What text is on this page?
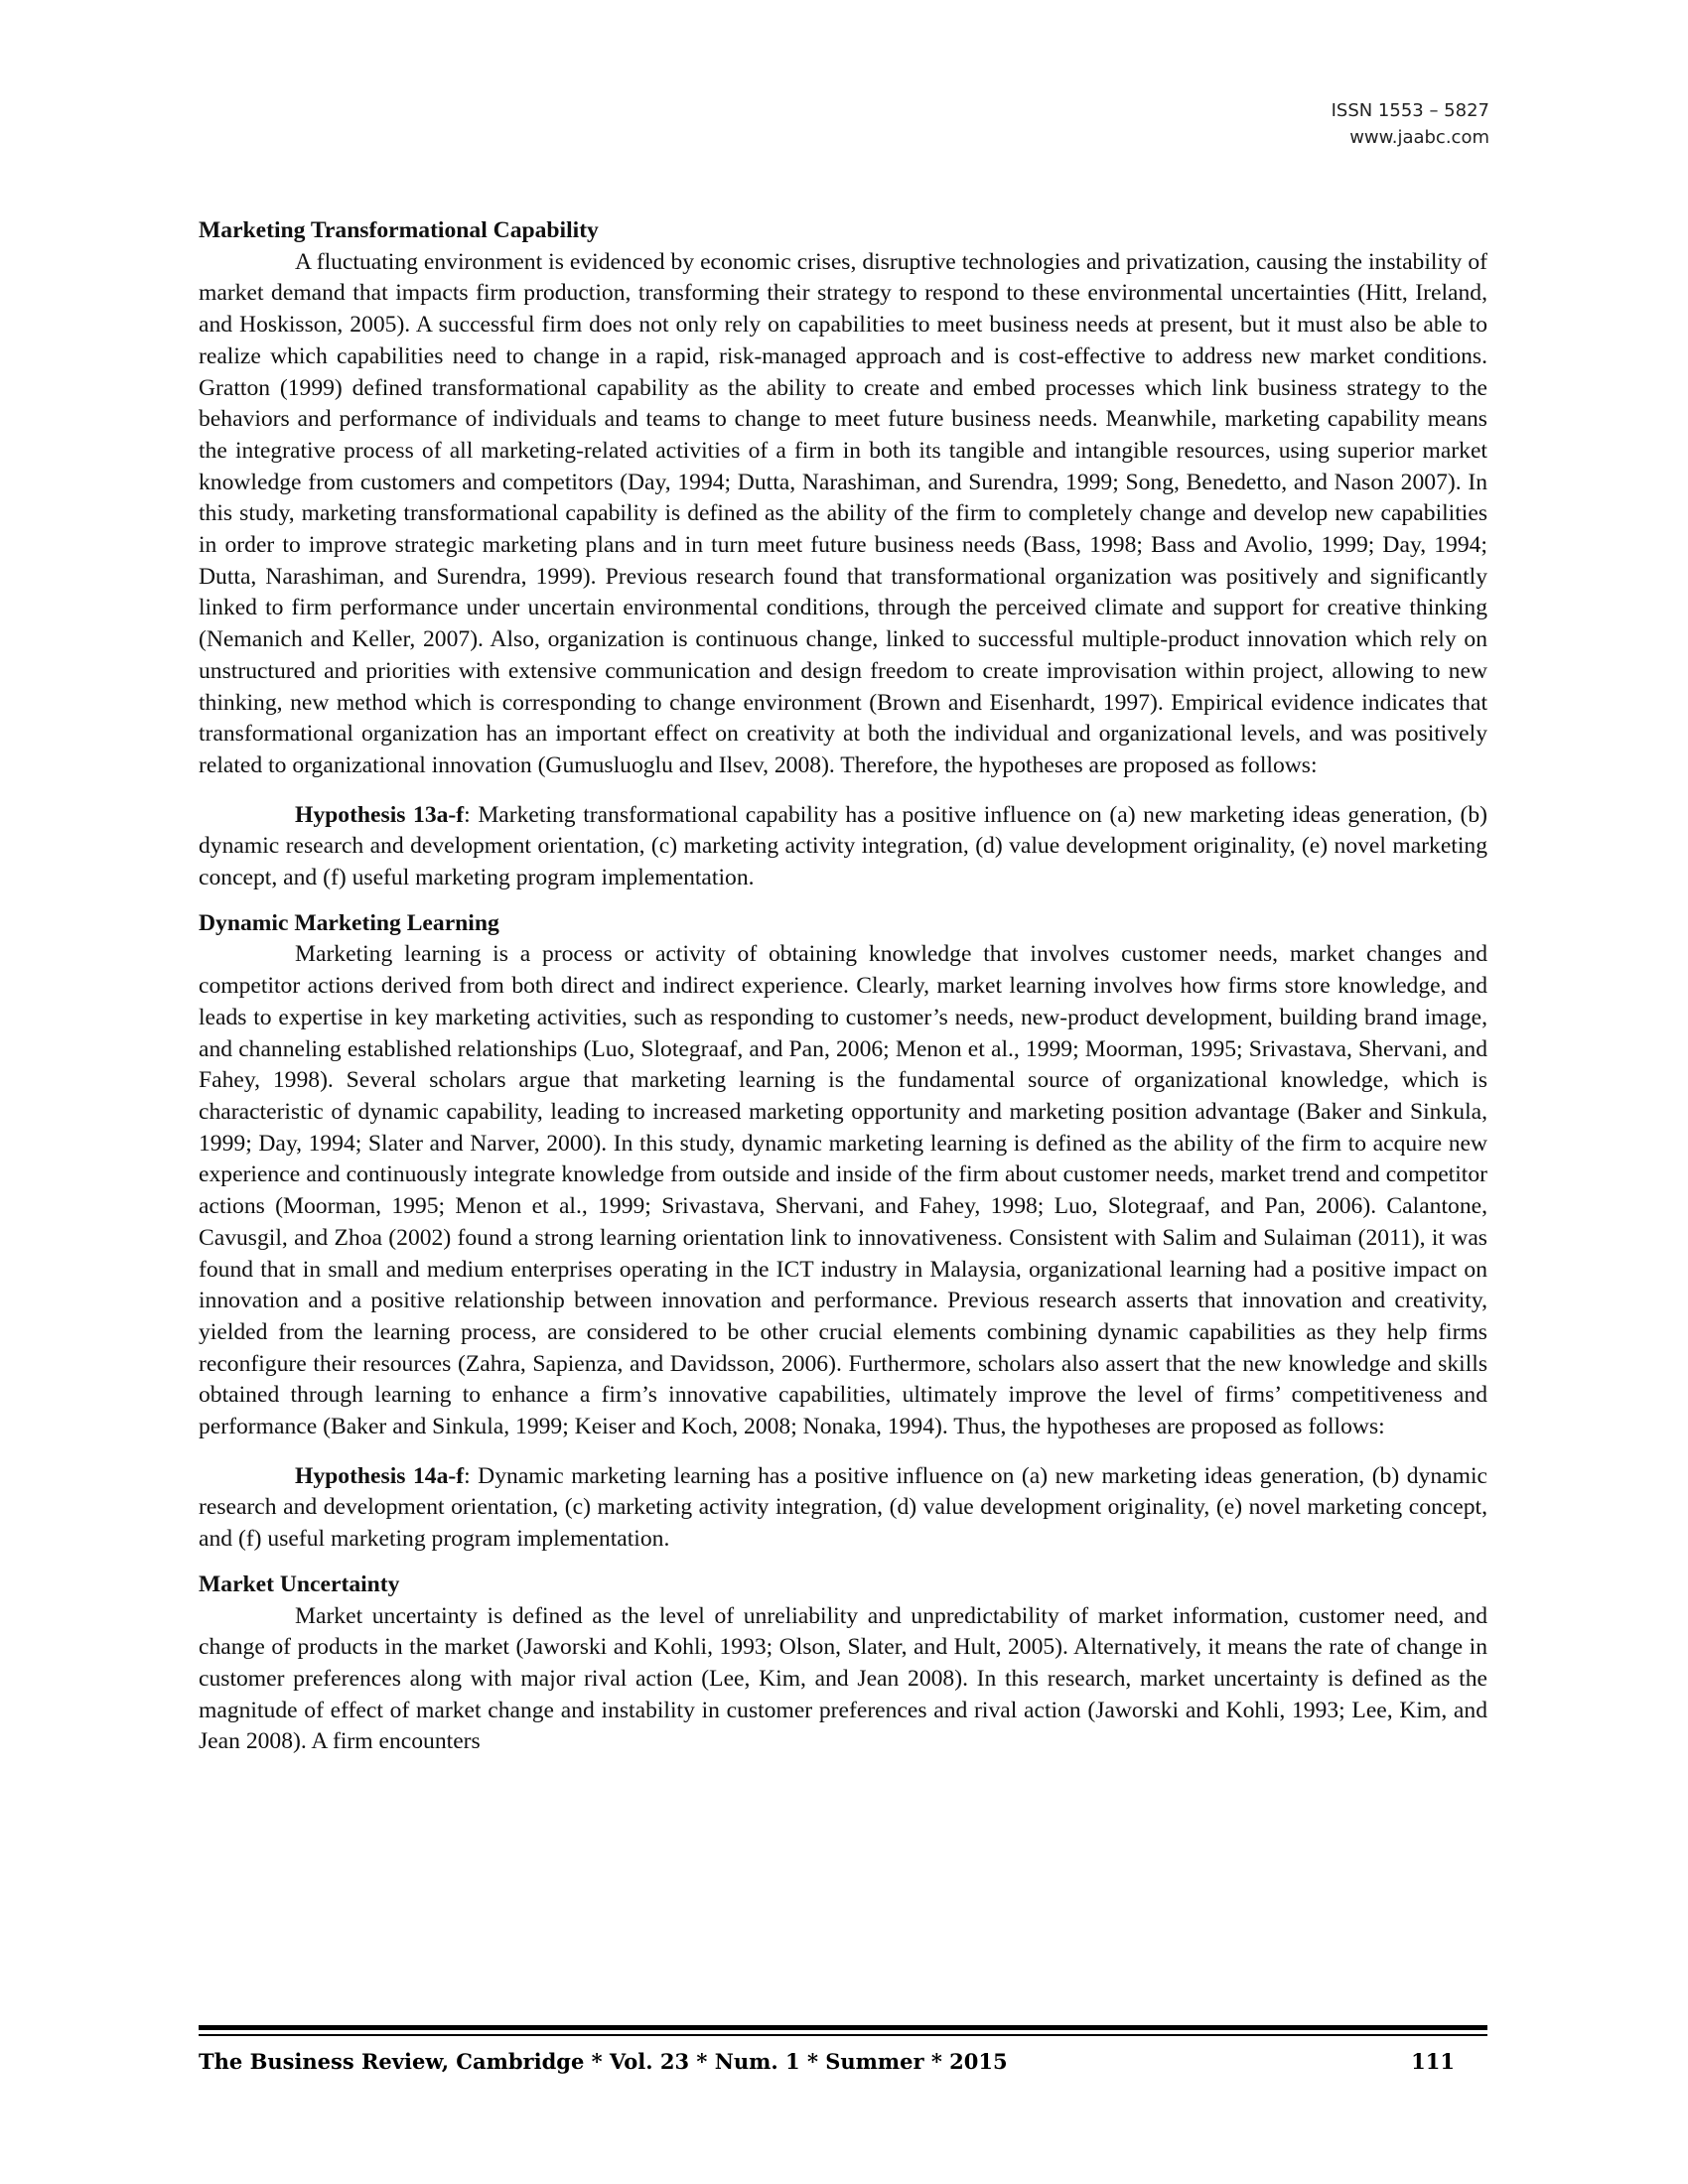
ISSN 1553 – 5827
www.jaabc.com

Marketing Transformational Capability

A fluctuating environment is evidenced by economic crises, disruptive technologies and privatization, causing the instability of market demand that impacts firm production, transforming their strategy to respond to these environmental uncertainties (Hitt, Ireland, and Hoskisson, 2005). A successful firm does not only rely on capabilities to meet business needs at present, but it must also be able to realize which capabilities need to change in a rapid, risk-managed approach and is cost-effective to address new market conditions. Gratton (1999) defined transformational capability as the ability to create and embed processes which link business strategy to the behaviors and performance of individuals and teams to change to meet future business needs. Meanwhile, marketing capability means the integrative process of all marketing-related activities of a firm in both its tangible and intangible resources, using superior market knowledge from customers and competitors (Day, 1994; Dutta, Narashiman, and Surendra, 1999; Song, Benedetto, and Nason 2007). In this study, marketing transformational capability is defined as the ability of the firm to completely change and develop new capabilities in order to improve strategic marketing plans and in turn meet future business needs (Bass, 1998; Bass and Avolio, 1999; Day, 1994; Dutta, Narashiman, and Surendra, 1999). Previous research found that transformational organization was positively and significantly linked to firm performance under uncertain environmental conditions, through the perceived climate and support for creative thinking (Nemanich and Keller, 2007). Also, organization is continuous change, linked to successful multiple-product innovation which rely on unstructured and priorities with extensive communication and design freedom to create improvisation within project, allowing to new thinking, new method which is corresponding to change environment (Brown and Eisenhardt, 1997). Empirical evidence indicates that transformational organization has an important effect on creativity at both the individual and organizational levels, and was positively related to organizational innovation (Gumusluoglu and Ilsev, 2008). Therefore, the hypotheses are proposed as follows:

Hypothesis 13a-f: Marketing transformational capability has a positive influence on (a) new marketing ideas generation, (b) dynamic research and development orientation, (c) marketing activity integration, (d) value development originality, (e) novel marketing concept, and (f) useful marketing program implementation.

Dynamic Marketing Learning

Marketing learning is a process or activity of obtaining knowledge that involves customer needs, market changes and competitor actions derived from both direct and indirect experience. Clearly, market learning involves how firms store knowledge, and leads to expertise in key marketing activities, such as responding to customer’s needs, new-product development, building brand image, and channeling established relationships (Luo, Slotegraaf, and Pan, 2006; Menon et al., 1999; Moorman, 1995; Srivastava, Shervani, and Fahey, 1998). Several scholars argue that marketing learning is the fundamental source of organizational knowledge, which is characteristic of dynamic capability, leading to increased marketing opportunity and marketing position advantage (Baker and Sinkula, 1999; Day, 1994; Slater and Narver, 2000). In this study, dynamic marketing learning is defined as the ability of the firm to acquire new experience and continuously integrate knowledge from outside and inside of the firm about customer needs, market trend and competitor actions (Moorman, 1995; Menon et al., 1999; Srivastava, Shervani, and Fahey, 1998; Luo, Slotegraaf, and Pan, 2006). Calantone, Cavusgil, and Zhoa (2002) found a strong learning orientation link to innovativeness. Consistent with Salim and Sulaiman (2011), it was found that in small and medium enterprises operating in the ICT industry in Malaysia, organizational learning had a positive impact on innovation and a positive relationship between innovation and performance. Previous research asserts that innovation and creativity, yielded from the learning process, are considered to be other crucial elements combining dynamic capabilities as they help firms reconfigure their resources (Zahra, Sapienza, and Davidsson, 2006). Furthermore, scholars also assert that the new knowledge and skills obtained through learning to enhance a firm’s innovative capabilities, ultimately improve the level of firms’ competitiveness and performance (Baker and Sinkula, 1999; Keiser and Koch, 2008; Nonaka, 1994). Thus, the hypotheses are proposed as follows:

Hypothesis 14a-f: Dynamic marketing learning has a positive influence on (a) new marketing ideas generation, (b) dynamic research and development orientation, (c) marketing activity integration, (d) value development originality, (e) novel marketing concept, and (f) useful marketing program implementation.

Market Uncertainty

Market uncertainty is defined as the level of unreliability and unpredictability of market information, customer need, and change of products in the market (Jaworski and Kohli, 1993; Olson, Slater, and Hult, 2005). Alternatively, it means the rate of change in customer preferences along with major rival action (Lee, Kim, and Jean 2008). In this research, market uncertainty is defined as the magnitude of effect of market change and instability in customer preferences and rival action (Jaworski and Kohli, 1993; Lee, Kim, and Jean 2008). A firm encounters

The Business Review, Cambridge * Vol. 23 * Num. 1 * Summer * 2015	111
